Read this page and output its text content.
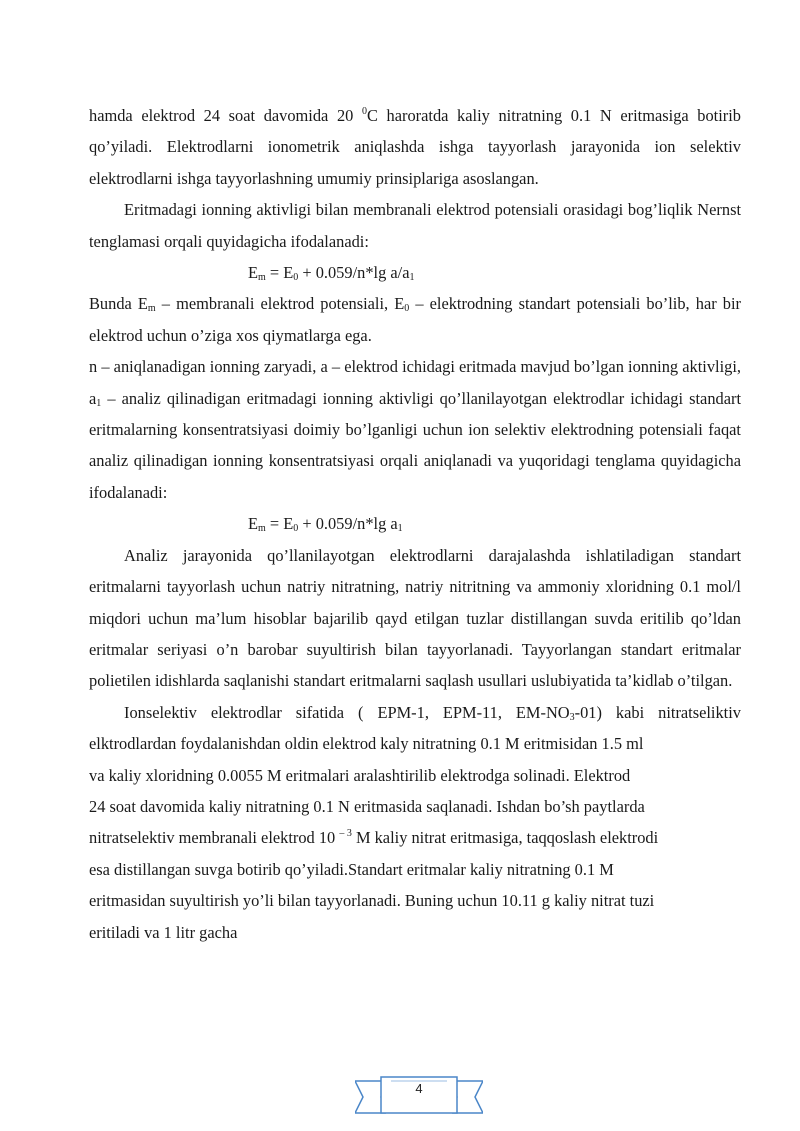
hamda elektrod 24 soat davomida 20 $^0$C haroratda kaliy nitratning 0.1 N eritmasiga botirib qo’yiladi. Elektrodlarni ionometrik aniqlashda ishga tayyorlash jarayonida ion selektiv elektrodlarni ishga tayyorlashning umumiy prinsiplariga asoslangan.

Eritmadagi ionning aktivligi bilan membranali elektrod potensiali orasidagi bog’liqlik Nernst tenglamasi orqali quyidagicha ifodalanadi:

$E_m = E_0 + 0.059/n*\lg$ $a/a_1$

Bunda $E_m$ – membranali elektrod potensiali, $E_0$ – elektrodning standart potensiali bo’lib, har bir elektrod uchun o’ziga xos qiymatlarga ega.

n – aniqlanadigan ionning zaryadi, a – elektrod ichidagi eritmada mavjud bo’lgan ionning aktivligi, $a_1$ – analiz qilinadigan eritmadagi ionning aktivligi qo’llanilayotgan elektrodlar ichidagi standart eritmalarning konsentratsiyasi doimiy bo’lganligi uchun ion selektiv elektrodning potensiali faqat analiz qilinadigan ionning konsentratsiyasi orqali aniqlanadi va yuqoridagi tenglama quyidagicha ifodalanadi:

$E_m = E_0 + 0.059/n*\lg$ $a_1$

Analiz jarayonida qo’llanilayotgan elektrodlarni darajalashda ishlatiladigan standart eritmalarni tayyorlash uchun natriy nitratning, natriy nitritning va ammoniy xloridning 0.1 mol/l miqdori uchun ma’lum hisoblar bajarilib qayd etilgan tuzlar distillangan suvda eritilib qo’ldan eritmalar seriyasi o’n barobar suyultirish bilan tayyorlanadi. Tayyorlangan standart eritmalar polietilen idishlarda saqlanishi standart eritmalarni saqlash usullari uslubiyatida ta’kidlab o’tilgan.

Ionselektiv elektrodlar sifatida ( EPM-1, EPM-11, $EM-NO_3-01$) kabi nitratseliktiv

elktrodlardan foydalanishdan oldin elektrod kaly nitratning 0.1 M eritmisidan 1.5 ml

va kaliy xloridning 0.0055 M eritmalari aralashtirilib elektrodga solinadi. Elektrod

24 soat davomida kaliy nitratning 0.1 N eritmasida saqlanadi. Ishdan bo’sh paytlarda

nitratselektiv membranali elektrod 10 $^{- 3}$ M kaliy nitrat eritmasiga, taqqoslash elektrodi

esa distillangan suvga botirib qo’yiladi.Standart eritmalar kaliy nitratning 0.1 M

eritmasidan suyultirish yo’li bilan tayyorlanadi. Buning uchun 10.11 g kaliy nitrat tuzi

eritiladi va 1 litr gacha

4
